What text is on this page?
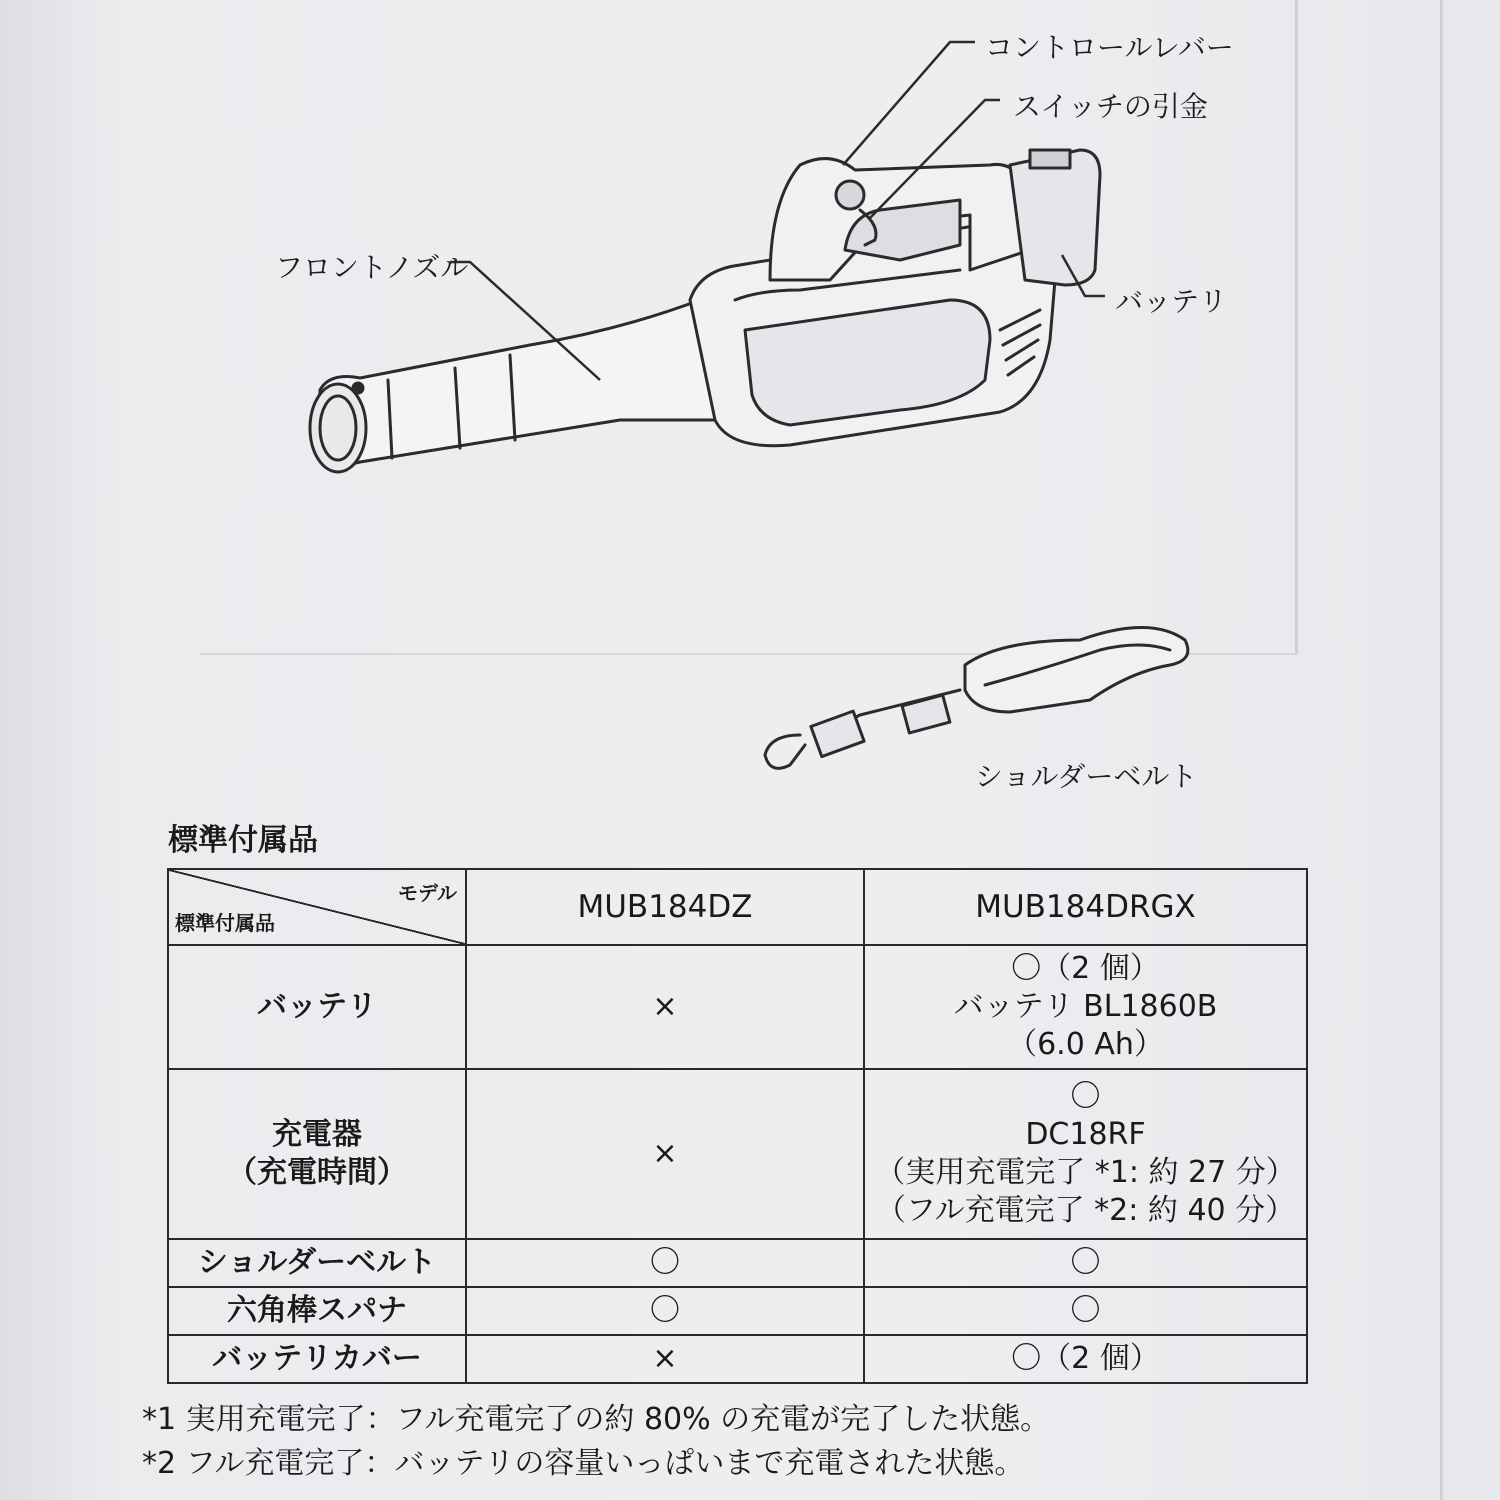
コントロールレバー
スイッチの引金
フロントノズル
バッテリ
ショルダーベルト
標準付属品
モデル
標準付属品	MUB184DZ	MUB184DRGX
バッテリ	×	〇（2 個）
バッテリ BL1860B
（6.0 Ah）

充電器
（充電時間）	×	〇
DC18RF
（実用充電完了 *1: 約 27 分）
（フル充電完了 *2: 約 40 分）

ショルダーベルト	〇	〇
六角棒スパナ	〇	〇
バッテリカバー	×	〇（2 個）
*1 実用充電完了：フル充電完了の約 80% の充電が完了した状態。
*2 フル充電完了：バッテリの容量いっぱいまで充電された状態。
